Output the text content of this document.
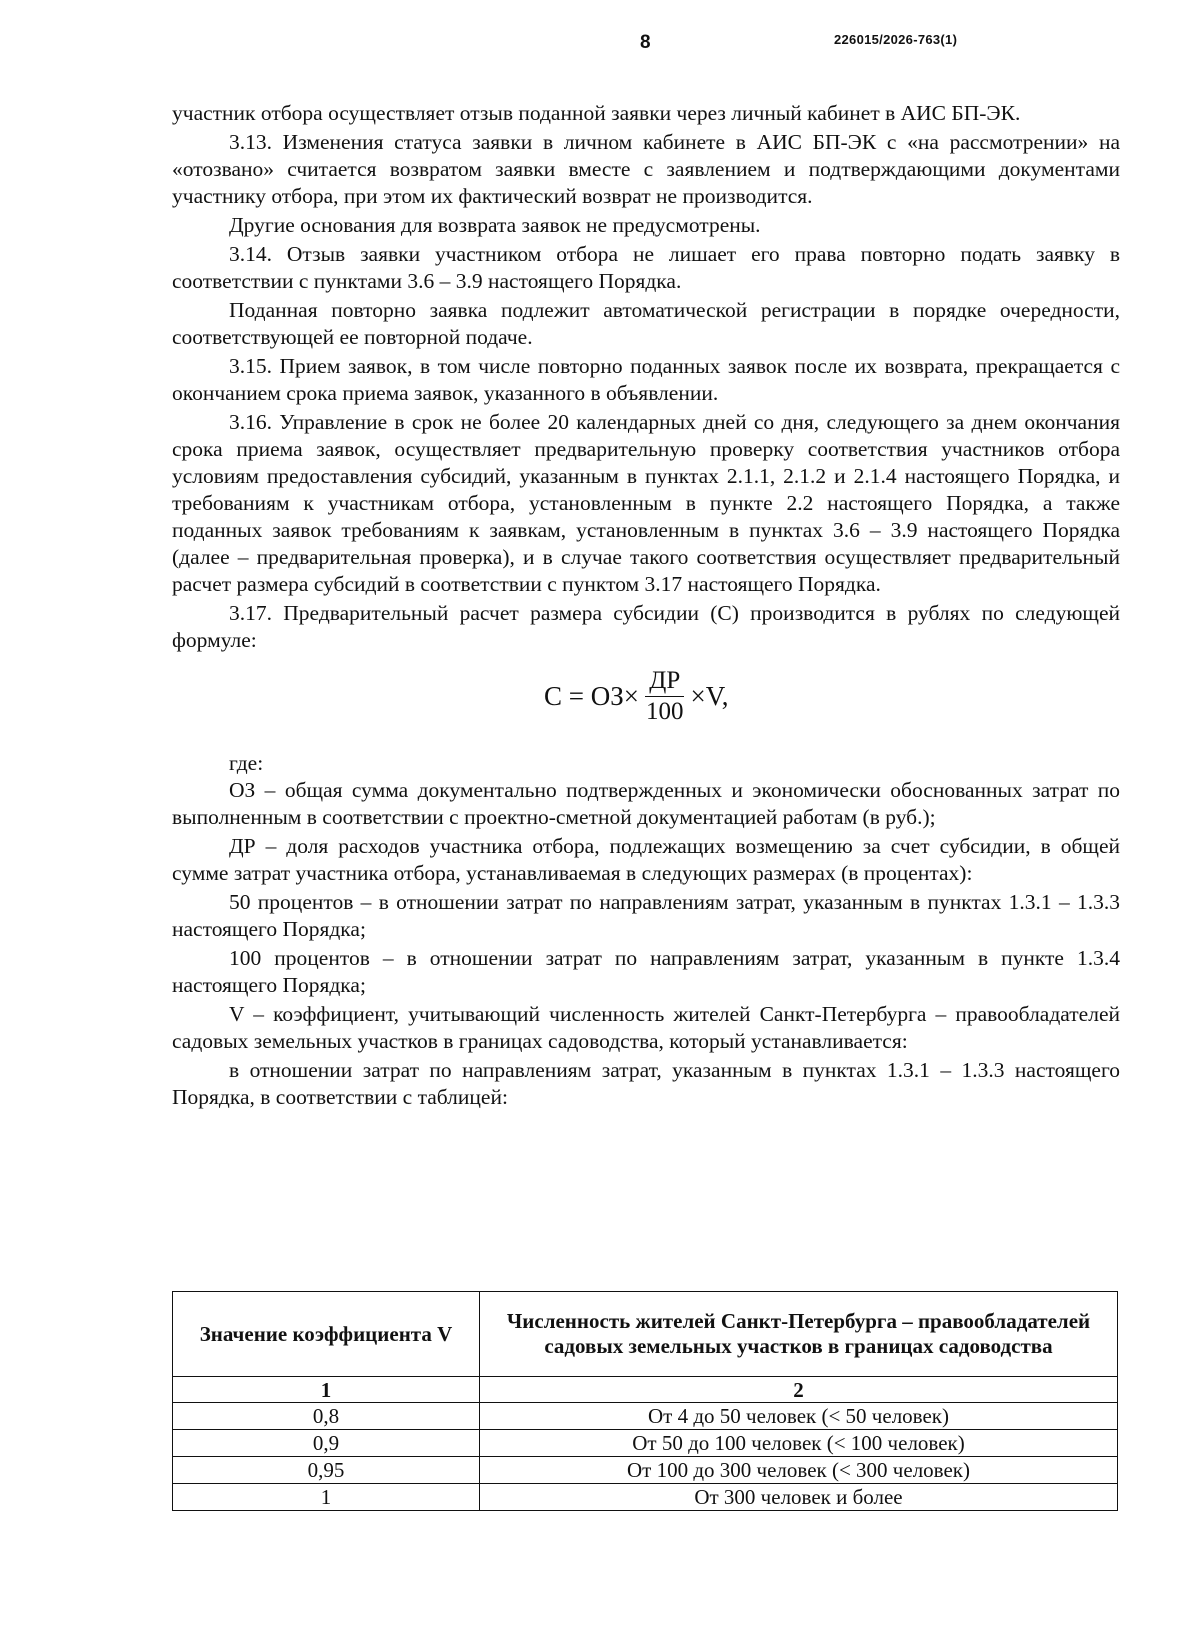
8	226015/2026-763(1)

участник отбора осуществляет отзыв поданной заявки через личный кабинет в АИС БП-ЭК.

3.13. Изменения статуса заявки в личном кабинете в АИС БП-ЭК с «на рассмотрении» на «отозвано» считается возвратом заявки вместе с заявлением и подтверждающими документами участнику отбора, при этом их фактический возврат не производится.

Другие основания для возврата заявок не предусмотрены.

3.14. Отзыв заявки участником отбора не лишает его права повторно подать заявку в соответствии с пунктами 3.6 – 3.9 настоящего Порядка.

Поданная повторно заявка подлежит автоматической регистрации в порядке очередности, соответствующей ее повторной подаче.

3.15. Прием заявок, в том числе повторно поданных заявок после их возврата, прекращается с окончанием срока приема заявок, указанного в объявлении.

3.16. Управление в срок не более 20 календарных дней со дня, следующего за днем окончания срока приема заявок, осуществляет предварительную проверку соответствия участников отбора условиям предоставления субсидий, указанным в пунктах 2.1.1, 2.1.2 и 2.1.4 настоящего Порядка, и требованиям к участникам отбора, установленным в пункте 2.2 настоящего Порядка, а также поданных заявок требованиям к заявкам, установленным в пунктах 3.6 – 3.9 настоящего Порядка (далее – предварительная проверка), и в случае такого соответствия осуществляет предварительный расчет размера субсидий в соответствии с пунктом 3.17 настоящего Порядка.

3.17. Предварительный расчет размера субсидии (С) производится в рублях по следующей формуле:

$С = ОЗ\times \frac{ДР}{100} \times V$,

где:

ОЗ – общая сумма документально подтвержденных и экономически обоснованных затрат по выполненным в соответствии с проектно-сметной документацией работам (в руб.);

ДР – доля расходов участника отбора, подлежащих возмещению за счет субсидии, в общей сумме затрат участника отбора, устанавливаемая в следующих размерах (в процентах):

50 процентов – в отношении затрат по направлениям затрат, указанным в пунктах 1.3.1 – 1.3.3 настоящего Порядка;

100 процентов – в отношении затрат по направлениям затрат, указанным в пункте 1.3.4 настоящего Порядка;

V – коэффициент, учитывающий численность жителей Санкт-Петербурга – правообладателей садовых земельных участков в границах садоводства, который устанавливается:

в отношении затрат по направлениям затрат, указанным в пунктах 1.3.1 – 1.3.3 настоящего Порядка, в соответствии с таблицей:

Значение коэффициента V	Численность жителей Санкт-Петербурга – правообладателей садовых земельных участков в границах садоводства
1	2
0,8	От 4 до 50 человек (< 50 человек)
0,9	От 50 до 100 человек (< 100 человек)
0,95	От 100 до 300 человек (< 300 человек)
1	От 300 человек и более
